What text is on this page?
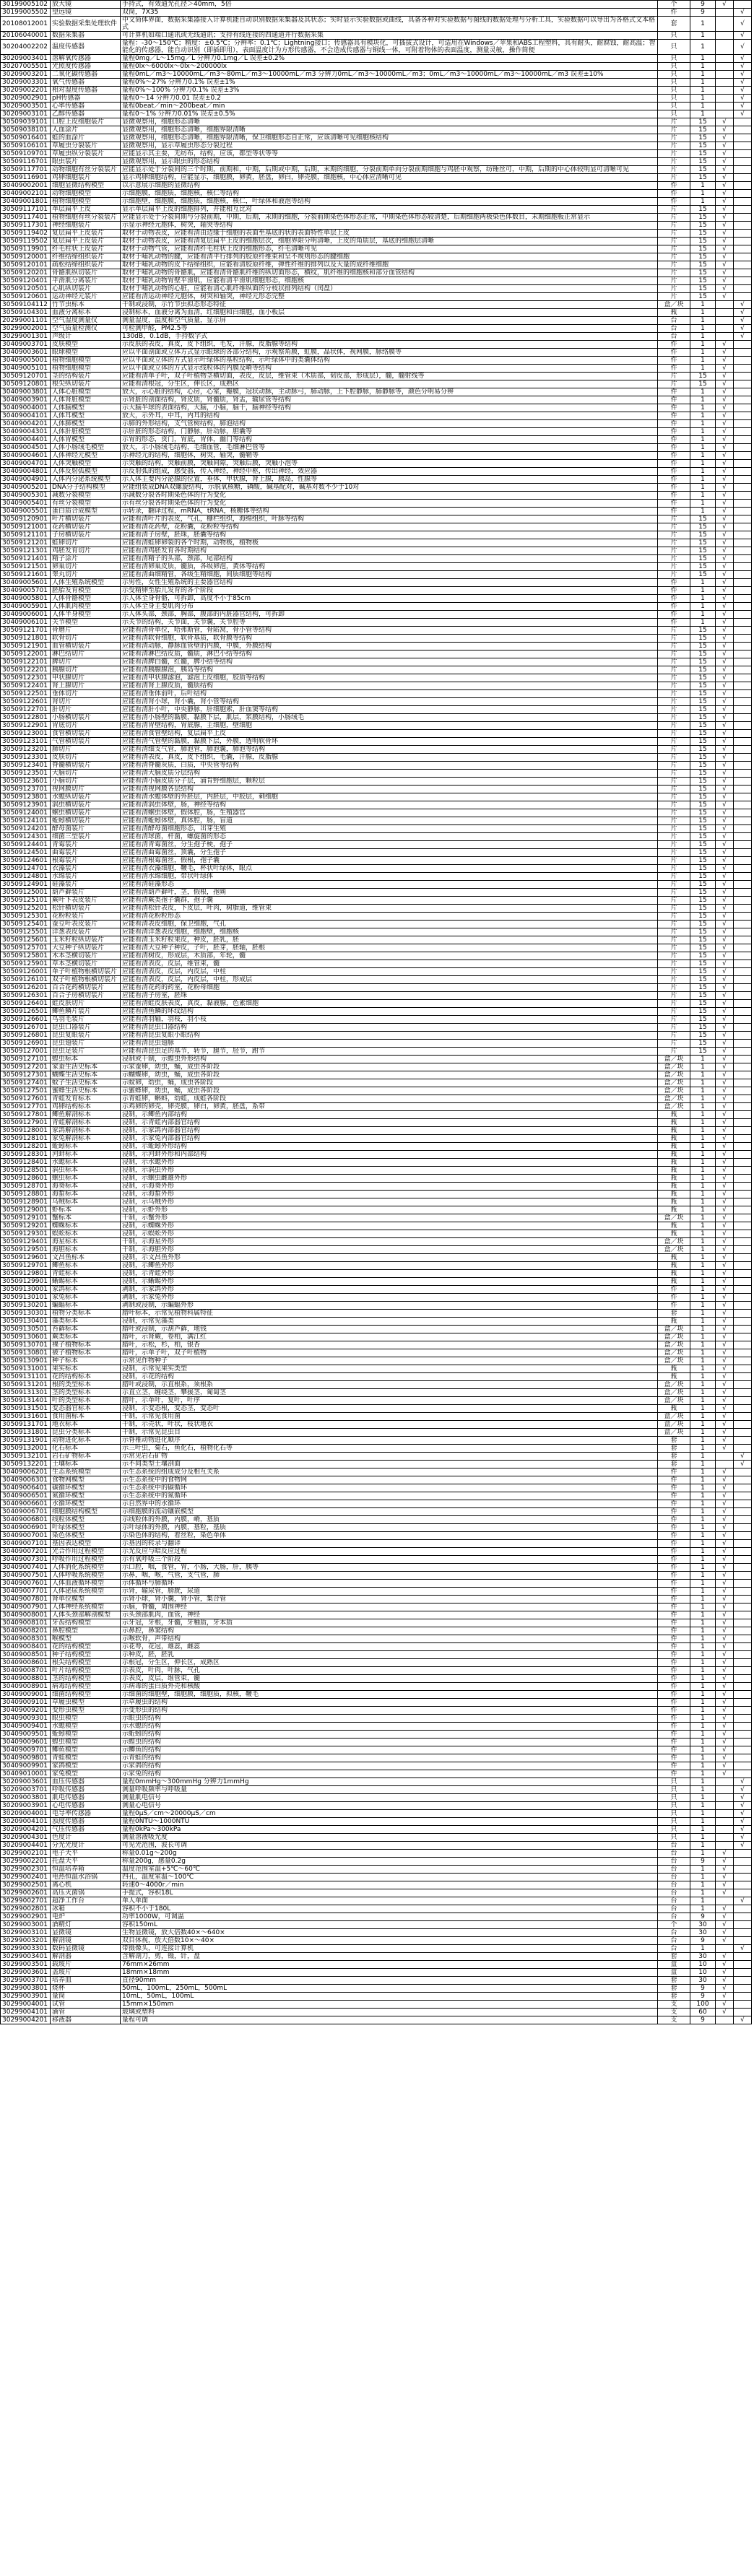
30199005102	放大镜	手持式，有效通光孔径＞40mm，5倍	个	9	√	
30199005502	望远镜	双筒，7X35	件	9		√
20108012001	实验数据采集处理软件	中文简体界面，数据采集器接入计算机能自动识别数据采集器及其状态；实时显示实验数据或曲线，具备各种对实验数据与图线的数据处理与分析工具，实验数据可以导出为各格式文本格式	套	1		√
20106040001	数据采集器	可计算机如端口通讯或无线通讯；支持有线连接的四通道并行数据采集	只	1		√
30204002202	温度传感器	量程：-30～150℃；精度：±0.5℃；分辨率：0.1℃；Lightning接口；传感器具有模块化，可插拔式设计，可适用在Windows／苹果和ABS工程塑料，具有耐头，耐腐蚀，耐高温；智能化的传感器，能自动识别（即插即用），表面温度计为方形传感器，不会造成传感器与铜线一体，可附着物体的表面温度，测量灵敏，操作简便	只	1		√
30209003401	溶解氧传感器	量程0mg／L～15mg／L 分辨力0.1mg／L 误差±0.2%	只	1		√
30207005501	光照度传感器	量程0lx～6000lx～0lx～200000lx	只	1		√
30209003201	二氧化碳传感器	量程0mL／m3～10000mL／m3～80mL／m3～10000mL／m3 分辨力0mL／m3～10000mL／m3；0mL／m3～10000mL／m3～10000mL／m3 误差±10%	只	1		√
30209003301	氧气传感器	量程0%～27% 分辨力0.1% 误差±1%	只	1		√
30209002201	相对湿度传感器	量程0%～100% 分辨力0.1% 误差±3%	只	1		√
30209002901	pH传感器	量程0～14 分辨力0.01 误差±0.2	只	1		√
30209003501	心率传感器	量程0beat／min～200beat／min	只	1		√
30209003101	乙醇传感器	量程0～1% 分辨力0.01% 误差±0.5%	只	1		√
30509039101	口腔上皮细胞装片	显微观察用，细胞形态清晰	片	15	√	
30509038101	人血涂片	显微观察用，细胞形态清晰，细胞界限清晰	片	15	√	
30509016401	蛙的血涂片	显微观察用，细胞形态清晰，细胞界限清晰，保卫细胞形态自正常，应该清晰可见细胞核结构	片	15	√	
30509106101	草履虫分裂装片	显微观察用，显示草履虫形态分裂过程	片	15	√	
30509109701	草履虫纵分裂装片	应能显示其主要，无纺布，结构，应该，都型等状等等	片	15	√	
30509116701	眼虫装片	显微观察用，显示眼虫的形态结构	片	15	√	
30509117701	动物细胞有丝分裂装片	应能显示处于分裂间的三个时期，前期和，中期，后期或中期，后期，末期的细胞，分裂前期单向分裂前期细胞与鸡胚中观察，纺锤丝可，中期，后期的中心体较明显可清晰可见	片	15	√	
30509116901	鸡卵细胞装片	显示鸡卵细胞结构，应能显示，细胞膜，卵黄，胚盘，卵白，卵壳膜，细胞核，中心体应清晰可见	片	15	√	
30409002001	细胞显微结构模型	以示意展示细胞的显微结构	件	1	√	
30409002101	动物细胞模型	示细胞膜，细胞质，细胞核，核仁等结构	件	1	√	
30409001801	植物细胞模型	示细胞壁，细胞膜，细胞质，细胞核，核仁，叶绿体和液泡等结构	件	1	√	
30509117101	单层扁平上皮	显示单层扁平上皮的细胞排列，并能相互比对	片	15	√	
30509117401	植物细胞有丝分裂装片	应能显示处于分裂间期与分裂前期，中期，后期，末期的细胞，分裂前期染色体形态正常，中期染色体形态较清楚，后期细胞两极染色体数目，末期细胞板正常显示	片	15	√	
30509117301	神经细胞装片	示显示神经元胞体，树突，轴突等结构	片	15	√	
30509119402	复层扁平上皮装片	取材于动物表皮，应能看清由边缘于细胞的表面至基底的状的表面特性单层上皮	片	15	√	
30509119502	复层扁平上皮装片	取材于动物表皮，应能看清复层扁平上皮的细胞层次，细胞界限分明清晰，上皮的角质层，基底的细胞层清晰	片	15	√	
30509119901	纤毛柱状上皮装片	取材于动物气管，应能看清纤毛柱状上皮的细胞形态，纤毛清晰可见	片	15	√	
30509120001	纤维结缔组织装片	取材于哺乳动物的腱，应能看清平行排列的胶原纤维束和呈不规则形态的腱细胞	片	15	√	
30509120101	疏松结缔组织装片	取材于哺乳动物的皮下结缔组织，应能看清胶原纤维，弹性纤维的排列以及大量的成纤维细胞	片	15	√	
30509120201	骨骼肌纵切装片	取材于哺乳动物的骨骼肌，应能看清骨骼肌纤维的纵切面形态，横纹，肌纤维的细胞核和部分血管结构	片	15	√	
30509120401	平滑肌分离装片	取材于哺乳动物胃壁平滑肌，应能看清平滑肌细胞形态，细胞核	片	15	√	
30509120501	心肌纵切装片	取材于哺乳动物的心脏，应能看清心肌纤维纵面的分枝状排列结构（闰盘）	片	15	√	
30509120601	运动神经元装片	应能看清运动神经元胞体，树突和轴突，神经元形态完整	片	15	√	
30509104112	竹节虫标本	干制或浸制，示竹节虫拟态形态特征	盒／块	1		√
30509104301	血液分离标本	浸制标本，血液分离为血清，红细胞和白细胞，血小板层	瓶	1		√
20299001101	空气湿度测量仪	测量湿度，温度和空气质量，显示屏	台	1		√
30299002001	空气质量检测仪	可检测甲醛，PM2.5等	台	1		√
30299001301	声级计	130dB，0.1dB，手持数字式	台	1		√
30409003701	皮肤模型	示皮肤的表皮，真皮，皮下组织，毛发，汗腺，皮脂腺等结构	件	1	√	
30409003601	眼球模型	应以平面剖面或立体方式显示眼球的各部分结构，示观察角膜，虹膜，晶状体，视网膜，脉络膜等	件	1	√	
30409005001	植物细胞模型	应以平面或立体的方式显示叶绿体的基粒结构，示叶绿体中的类囊体结构	件	1	√	
30409005101	植物细胞模型	应以平面或立体的方式显示线粒体的内膜及嵴等结构	件	1	√	
30509120701	茎的结构装片	应能看清单子叶，双子叶植物茎横切面，表皮，皮层，维管束（木质部，韧皮部，形成层），髓，髓射线等	片	15	√	
30509120801	根尖纵切装片	应能看清根冠，分生区，伸长区，成熟区	片	15	√	
30409003801	人体心脏模型	放大，示心脏的结构，心房，心室，瓣膜，冠状动脉，主动脉弓，肺动脉，上下腔静脉，肺静脉等，颜色分明易分辨	件	1	√	
30409003901	人体肾脏模型	示肾脏的剖面结构，肾皮质，肾髓质，肾盂，输尿管等结构	件	1	√	
30409004001	人体脑模型	示大脑半球的表面结构，大脑，小脑，脑干，脑神经等结构	件	1	√	
30409004101	人体耳模型	放大，示外耳，中耳，内耳的结构	件	1	√	
30409004201	人体肺模型	示肺的外形结构，支气管树结构，肺泡结构	件	1	√	
30409004301	人体肝脏模型	示肝脏的形态结构，门静脉，肝动脉，胆囊等	件	1	√	
30409004401	人体胃模型	示胃的形态，贲门，胃底，胃体，幽门等结构	件	1	√	
30409004501	人体小肠绒毛模型	放大，示小肠绒毛结构，毛细血管，毛细淋巴管等	件	1	√	
30409004601	人体神经元模型	示神经元的结构，细胞体，树突，轴突，髓鞘等	件	1	√	
30409004701	人体突触模型	示突触的结构，突触前膜，突触间隙，突触后膜，突触小泡等	件	1	√	
30409004801	人体反射弧模型	示反射弧的组成，感受器，传入神经，神经中枢，传出神经，效应器	件	1	√	
30409004901	人体内分泌系统模型	示人体主要内分泌腺的位置，垂体，甲状腺，肾上腺，胰岛，性腺等	件	1	√	
30409005201	DNA分子结构模型	应能组装成DNA双螺旋结构，示脱氧核糖，磷酸，碱基配对，碱基对数不少于10对	件	1	√	
30409005301	减数分裂模型	示减数分裂各时期染色体的行为变化	件	1	√	
30409005401	有丝分裂模型	示有丝分裂各时期染色体的行为变化	件	1	√	
30409005501	蛋白质合成模型	示转录，翻译过程，mRNA，tRNA，核糖体等结构	件	1	√	
30509120901	叶片横切装片	应能看清叶片的表皮，气孔，栅栏组织，海绵组织，叶脉等结构	片	15	√	
30509121001	花药横切装片	应能看清花药壁，花粉囊，花粉粒等结构	片	15	√	
30509121101	子房横切装片	应能看清子房壁，胚珠，胚囊等结构	片	15	√	
30509121201	蛙卵切片	应能看清蛙卵卵裂的各个时期，动物极，植物极	片	15	√	
30509121301	鸡胚发育切片	应能看清鸡胚发育各时期结构	片	15	√	
30509121401	精子涂片	应能看清精子的头部，颈部，尾部结构	片	15	√	
30509121501	卵巢切片	应能看清卵巢皮质，髓质，各级卵泡，黄体等结构	片	15	√	
30509121601	睾丸切片	应能看清曲细精管，各级生精细胞，间质细胞等结构	片	15	√	
30409005601	人体生殖系统模型	示男性，女性生殖系统的主要器官结构	件	1	√	
30409005701	胚胎发育模型	示受精卵至胎儿发育的各个阶段	件	1	√	
30409005801	人体骨骼模型	示人体全身骨骼，可拆卸，高度不小于85cm	件	1	√	
30409005901	人体肌肉模型	示人体全身主要肌肉分布	件	1	√	
30409006001	人体半身模型	示人体头部，颈部，胸部，腹部的内脏器官结构，可拆卸	件	1	√	
30409006101	关节模型	示关节的结构，关节面，关节囊，关节腔等	件	1	√	
30509121701	骨磨片	应能看清骨单位，哈弗斯管，骨陷窝，骨小管等结构	片	15	√	
30509121801	软骨切片	应能看清软骨细胞，软骨基质，软骨膜等结构	片	15	√	
30509121901	血管横切装片	应能看清动脉，静脉血管壁的内膜，中膜，外膜结构	片	15	√	
30509122001	淋巴结切片	应能看清淋巴结皮质，髓质，淋巴小结等结构	片	15	√	
30509122101	脾切片	应能看清脾白髓，红髓，脾小结等结构	片	15	√	
30509122201	胰腺切片	应能看清胰腺腺泡，胰岛等结构	片	15	√	
30509122301	甲状腺切片	应能看清甲状腺滤泡，滤泡上皮细胞，胶质等结构	片	15	√	
30509122401	肾上腺切片	应能看清肾上腺皮质，髓质结构	片	15	√	
30509122501	垂体切片	应能看清垂体前叶，后叶结构	片	15	√	
30509122601	肾切片	应能看清肾小球，肾小囊，肾小管等结构	片	15	√	
30509122701	肝切片	应能看清肝小叶，中央静脉，肝细胞索，肝血窦等结构	片	15	√	
30509122801	小肠横切装片	应能看清小肠壁的黏膜，黏膜下层，肌层，浆膜结构，小肠绒毛	片	15	√	
30509122901	胃底切片	应能看清胃壁结构，胃底腺，主细胞，壁细胞	片	15	√	
30509123001	食管横切装片	应能看清食管壁结构，复层扁平上皮	片	15	√	
30509123101	气管横切装片	应能看清气管壁的黏膜，黏膜下层，外膜，透明软骨环	片	15	√	
30509123201	肺切片	应能看清细支气管，肺泡管，肺泡囊，肺泡等结构	片	15	√	
30509123301	皮肤切片	应能看清表皮，真皮，皮下组织，毛囊，汗腺，皮脂腺	片	15	√	
30509123401	脊髓横切装片	应能看清脊髓灰质，白质，中央管等结构	片	15	√	
30509123501	大脑切片	应能看清大脑皮质分层结构	片	15	√	
30509123601	小脑切片	应能看清小脑皮质分子层，浦肯野细胞层，颗粒层	片	15	√	
30509123701	视网膜切片	应能看清视网膜各层结构	片	15	√	
30509123801	水螅纵切装片	应能看清水螅体壁的外胚层，内胚层，中胶层，刺细胞	片	15	√	
30509123901	涡虫横切装片	应能看清涡虫体壁，肠，神经等结构	片	15	√	
30509124001	蛔虫横切装片	应能看清蛔虫体壁，假体腔，肠，生殖器官	片	15	√	
30509124101	蚯蚓横切装片	应能看清蚯蚓体壁，真体腔，肠，盲道	片	15	√	
30509124201	酵母菌装片	应能看清酵母菌细胞形态，出芽生殖	片	15	√	
30509124301	细菌三型装片	应能看清球菌，杆菌，螺旋菌的形态	片	15	√	
30509124401	青霉装片	应能看清青霉菌丝，分生孢子梗，孢子	片	15	√	
30509124501	曲霉装片	应能看清曲霉菌丝，顶囊，分生孢子	片	15	√	
30509124601	根霉装片	应能看清根霉菌丝，假根，孢子囊	片	15	√	
30509124701	衣藻装片	应能看清衣藻细胞，鞭毛，杯状叶绿体，眼点	片	15	√	
30509124801	水绵装片	应能看清水绵细胞，带状叶绿体	片	15	√	
30509124901	硅藻装片	应能看清硅藻形态	片	15	√	
30509125001	葫芦藓装片	应能看清葫芦藓叶，茎，假根，孢蒴	片	15	√	
30509125101	蕨叶下表皮装片	应能看清蕨类孢子囊群，孢子囊	片	15	√	
30509125201	松针横切装片	应能看清松针表皮，下皮层，叶肉，树脂道，维管束	片	15	√	
30509125301	花粉粒装片	应能看清花粉粒形态	片	15	√	
30509125401	蚕豆叶表皮装片	应能看清表皮细胞，保卫细胞，气孔	片	15	√	
30509125501	洋葱表皮装片	应能看清洋葱表皮细胞，细胞壁，细胞核	片	15	√	
30509125601	玉米籽粒纵切装片	应能看清玉米籽粒果皮，种皮，胚乳，胚	片	15	√	
30509125701	大豆种子纵切装片	应能看清大豆种子种皮，子叶，胚芽，胚轴，胚根	片	15	√	
30509125801	木本茎横切装片	应能看清树皮，形成层，木质部，年轮，髓	片	15	√	
30509125901	草本茎横切装片	应能看清表皮，皮层，维管束，髓	片	15	√	
30509126001	单子叶植物根横切装片	应能看清表皮，皮层，内皮层，中柱	片	15	√	
30509126101	双子叶植物根横切装片	应能看清表皮，皮层，内皮层，中柱，形成层	片	15	√	
30509126201	百合花药横切装片	应能看清花药的药室，花粉母细胞	片	15	√	
30509126301	百合子房横切装片	应能看清子房室，胚珠	片	15	√	
30509126401	蛙皮肤切片	应能看清蛙皮肤表皮，真皮，黏液腺，色素细胞	片	15	√	
30509126501	鲫鱼鳞片装片	应能看清鱼鳞的环纹结构	片	15	√	
30509126601	鸟羽毛装片	应能看清羽轴，羽枝，羽小枝	片	15	√	
30509126701	昆虫口器装片	应能看清昆虫口器结构	片	15	√	
30509126801	昆虫复眼装片	应能看清昆虫复眼小眼结构	片	15	√	
30509126901	昆虫翅装片	应能看清昆虫翅脉	片	15	√	
30509127001	昆虫足装片	应能看清昆虫足的基节，转节，腿节，胫节，跗节	片	15	√	
30509127101	蝗虫标本	浸制或干制，示蝗虫外形结构	盒／块	1	√	
30509127201	家蚕生活史标本	示家蚕卵，幼虫，蛹，成虫各阶段	盒／块	1	√	
30509127301	蝴蝶生活史标本	示蝴蝶卵，幼虫，蛹，成虫各阶段	盒／块	1	√	
30509127401	蚊子生活史标本	示蚊卵，幼虫，蛹，成虫各阶段	盒／块	1	√	
30509127501	蜜蜂生活史标本	示蜜蜂卵，幼虫，蛹，成虫各阶段	盒／块	1	√	
30509127601	青蛙发育标本	示青蛙卵，蝌蚪，幼蛙，成蛙各阶段	盒／块	1	√	
30509127701	鸡卵结构标本	示鸡卵的卵壳，卵壳膜，卵白，卵黄，胚盘，系带	盒／块	1	√	
30509127801	鲫鱼解剖标本	浸制，示鲫鱼内部结构	瓶	1	√	
30509127901	青蛙解剖标本	浸制，示青蛙内部器官结构	瓶	1	√	
30509128001	家鸽解剖标本	浸制，示家鸽内部器官结构	瓶	1	√	
30509128101	家兔解剖标本	浸制，示家兔内部器官结构	瓶	1	√	
30509128201	蚯蚓标本	浸制，示蚯蚓外形结构	瓶	1	√	
30509128301	河蚌标本	浸制，示河蚌外形和内部结构	瓶	1	√	
30509128401	水螅标本	浸制，示水螅外形	瓶	1	√	
30509128501	涡虫标本	浸制，示涡虫外形	瓶	1	√	
30509128601	蛔虫标本	浸制，示蛔虫雌雄外形	瓶	1	√	
30509128701	海葵标本	浸制，示海葵外形	瓶	1	√	
30509128801	海蜇标本	浸制，示海蜇外形	瓶	1	√	
30509128901	乌贼标本	浸制，示乌贼外形	瓶	1	√	
30509129001	虾标本	浸制，示虾外形	瓶	1	√	
30509129101	蟹标本	干制，示蟹外形	盒／块	1	√	
30509129201	蜘蛛标本	浸制，示蜘蛛外形	瓶	1	√	
30509129301	蜈蚣标本	浸制，示蜈蚣外形	瓶	1	√	
30509129401	海星标本	干制，示海星外形	盒／块	1	√	
30509129501	海胆标本	干制，示海胆外形	盒／块	1	√	
30509129601	文昌鱼标本	浸制，示文昌鱼外形	瓶	1	√	
30509129701	鲫鱼标本	浸制，示鲫鱼外形	瓶	1	√	
30509129801	青蛙标本	浸制，示青蛙外形	瓶	1	√	
30509129901	蜥蜴标本	浸制，示蜥蜴外形	瓶	1	√	
30509130001	家鸽标本	剥制，示家鸽外形	件	1	√	
30509130101	家兔标本	剥制，示家兔外形	件	1	√	
30509130201	蝙蝠标本	剥制或浸制，示蝙蝠外形	件	1	√	
30509130301	植物分类标本	腊叶标本，示常见植物科属特征	套	1	√	
30509130401	藻类标本	浸制，示常见藻类	瓶	1	√	
30509130501	苔藓标本	腊叶或浸制，示葫芦藓，地钱	盒／块	1	√	
30509130601	蕨类标本	腊叶，示肾蕨，卷柏，满江红	盒／块	1	√	
30509130701	裸子植物标本	腊叶，示松，杉，柏，银杏	盒／块	1	√	
30509130801	被子植物标本	腊叶，示单子叶，双子叶植物	盒／块	1	√	
30509130901	种子标本	示常见作物种子	盒／块	1	√	
30509131001	果实标本	浸制，示常见果实类型	瓶	1	√	
30509131101	花的结构标本	浸制，示花的结构	瓶	1	√	
30509131201	根的类型标本	腊叶或浸制，示直根系，须根系	盒／块	1	√	
30509131301	茎的类型标本	示直立茎，缠绕茎，攀援茎，匍匐茎	盒／块	1	√	
30509131401	叶的类型标本	腊叶，示单叶，复叶，叶序	盒／块	1	√	
30509131501	变态器官标本	浸制，示变态根，变态茎，变态叶	瓶	1	√	
30509131601	食用菌标本	干制，示常见食用菌	盒／块	1	√	
30509131701	地衣标本	干制，示壳状，叶状，枝状地衣	盒／块	1	√	
30509131801	昆虫分类标本	干制，示常见昆虫目	盒／块	1	√	
30509131901	动物进化标本	示脊椎动物进化顺序	套	1	√	
30509132001	化石标本	示三叶虫，菊石，鱼化石，植物化石等	套	1	√	
30509132101	岩石矿物标本	示常见岩石矿物	套	1		√
30509132201	土壤标本	示不同类型土壤剖面	套	1		√
30409006201	生态系统模型	示生态系统的组成成分及相互关系	件	1	√	
30409006301	食物网模型	示生态系统中的食物网	件	1	√	
30409006401	碳循环模型	示生态系统中的碳循环	件	1	√	
30409006501	氮循环模型	示生态系统中的氮循环	件	1	√	
30409006601	水循环模型	示自然界中的水循环	件	1	√	
30409006701	细胞膜结构模型	示细胞膜的流动镶嵌模型	件	1	√	
30409006801	线粒体模型	示线粒体的外膜，内膜，嵴，基质	件	1	√	
30409006901	叶绿体模型	示叶绿体的外膜，内膜，基粒，基质	件	1	√	
30409007001	染色体模型	示染色体的结构，着丝粒，染色单体	件	1	√	
30409007101	基因表达模型	示基因的转录与翻译	件	1	√	
30409007201	光合作用过程模型	示光反应与暗反应过程	件	1	√	
30409007301	呼吸作用过程模型	示有氧呼吸三个阶段	件	1	√	
30409007401	人体消化系统模型	示口腔，咽，食管，胃，小肠，大肠，肝，胰等	件	1	√	
30409007501	人体呼吸系统模型	示鼻，咽，喉，气管，支气管，肺	件	1	√	
30409007601	人体血液循环模型	示体循环与肺循环	件	1	√	
30409007701	人体泌尿系统模型	示肾，输尿管，膀胱，尿道	件	1	√	
30409007801	肾单位模型	示肾小球，肾小囊，肾小管，集合管	件	1	√	
30409007901	人体神经系统模型	示脑，脊髓，周围神经	件	1	√	
30409008001	人体头颈部解剖模型	示头颈部肌肉，血管，神经	件	1	√	
30409008101	牙齿结构模型	示牙冠，牙根，牙髓，牙釉质，牙本质	件	1	√	
30409008201	鼻腔模型	示鼻腔，鼻窦结构	件	1	√	
30409008301	喉模型	示喉软骨，声带结构	件	1	√	
30409008401	花的结构模型	示花萼，花冠，雄蕊，雌蕊	件	1	√	
30409008501	种子结构模型	示种皮，胚，胚乳	件	1	√	
30409008601	根尖结构模型	示根冠，分生区，伸长区，成熟区	件	1	√	
30409008701	叶片结构模型	示表皮，叶肉，叶脉，气孔	件	1	√	
30409008801	茎的结构模型	示表皮，皮层，维管束，髓	件	1	√	
30409008901	病毒结构模型	示病毒的蛋白质外壳和核酸	件	1	√	
30409009001	细菌结构模型	示细菌的细胞壁，细胞膜，细胞质，拟核，鞭毛	件	1	√	
30409009101	草履虫模型	示草履虫的结构	件	1	√	
30409009201	变形虫模型	示变形虫的结构	件	1	√	
30409009301	眼虫模型	示眼虫的结构	件	1	√	
30409009401	水螅模型	示水螅的结构	件	1	√	
30409009501	蚯蚓模型	示蚯蚓的结构	件	1	√	
30409009601	蝗虫模型	示蝗虫的结构	件	1	√	
30409009701	鲫鱼模型	示鲫鱼的结构	件	1	√	
30409009801	青蛙模型	示青蛙的结构	件	1	√	
30409009901	家鸽模型	示家鸽的结构	件	1	√	
30409010001	家兔模型	示家兔的结构	件	1	√	
30209003601	血压传感器	量程0mmHg～300mmHg 分辨力1mmHg	只	1		√
30209003701	呼吸传感器	测量呼吸频率与呼吸量	只	1		√
30209003801	肌电传感器	测量肌电信号	只	1		√
30209003901	心电传感器	测量心电信号	只	1		√
30209004001	电导率传感器	量程0μS／cm～20000μS／cm	只	1		√
30209004101	浊度传感器	量程0NTU～1000NTU	只	1		√
30209004201	气压传感器	量程0kPa～300kPa	只	1		√
30209004301	色度计	测量溶液吸光度	只	1		√
30209004401	分光光度计	可见光范围，波长可调	台	1		√
30299002101	电子天平	称量0.01g～200g	台	1	√	
30299002201	托盘天平	称量200g，感量0.2g	台	9	√	
30299002301	恒温培养箱	温度范围室温+5℃～60℃	台	1	√	
30299002401	电热恒温水浴锅	四孔，温度室温～100℃	台	1	√	
30299002501	离心机	转速0～4000r／min	台	1	√	
30299002601	高压灭菌锅	手提式，容积18L	台	1	√	
30299002701	超净工作台	单人单面	台	1		√
30299002801	冰箱	容积不小于180L	台	1	√	
30299002901	电炉	功率1000W，可调温	台	9	√	
30299003001	酒精灯	容积150mL	个	30	√	
30299003101	显微镜	生物显微镜，放大倍数40×～640×	台	30	√	
30299003201	解剖镜	双目体视，放大倍数10×～40×	台	9	√	
30299003301	数码显微镜	带摄像头，可连接计算机	台	1		√
30299003401	解剖器	含解剖刀，剪，镊，针，盘	套	30	√	
30299003501	载玻片	76mm×26mm	盒	10	√	
30299003601	盖玻片	18mm×18mm	盒	10	√	
30299003701	培养皿	直径90mm	套	30	√	
30299003801	烧杯	50mL，100mL，250mL，500mL	套	9	√	
30299003901	量筒	10mL，50mL，100mL	套	9	√	
30299004001	试管	15mm×150mm	支	100	√	
30299004101	滴管	玻璃或塑料	支	60	√	
30299004201	移液器	量程可调	支	9		√
